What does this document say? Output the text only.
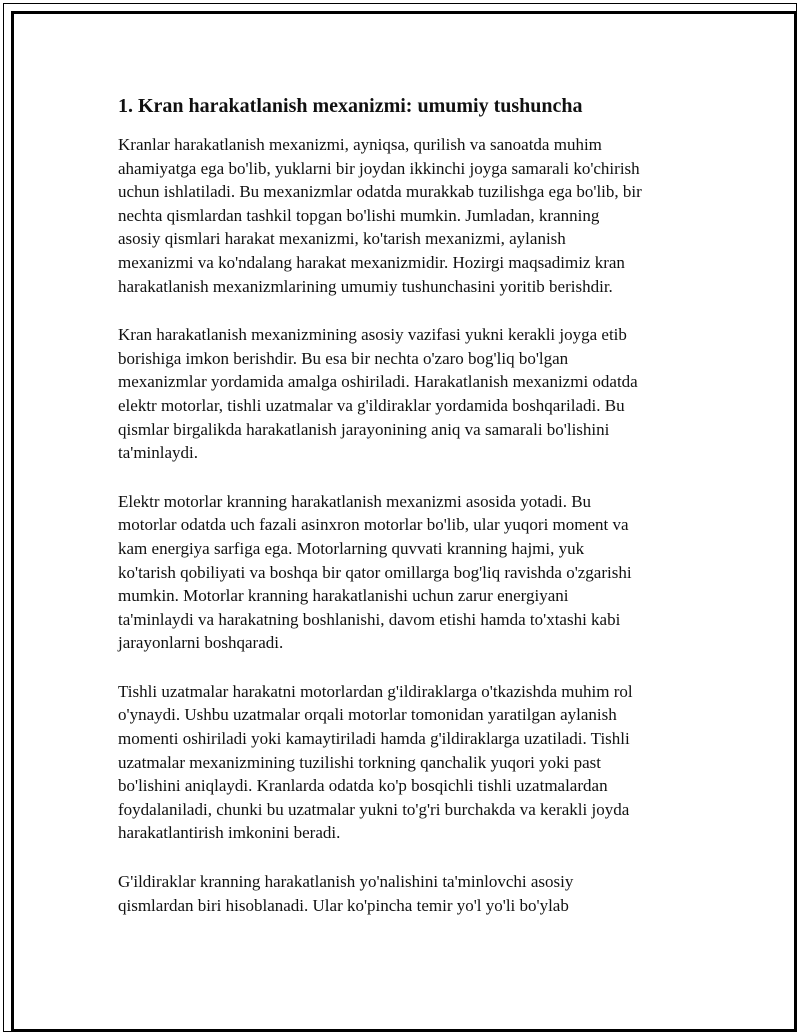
1. Kran harakatlanish mexanizmi: umumiy tushuncha

Kranlar harakatlanish mexanizmi, ayniqsa, qurilish va sanoatda muhim
ahamiyatga ega bo'lib, yuklarni bir joydan ikkinchi joyga samarali ko'chirish
uchun ishlatiladi. Bu mexanizmlar odatda murakkab tuzilishga ega bo'lib, bir
nechta qismlardan tashkil topgan bo'lishi mumkin. Jumladan, kranning
asosiy qismlari harakat mexanizmi, ko'tarish mexanizmi, aylanish
mexanizmi va ko'ndalang harakat mexanizmidir. Hozirgi maqsadimiz kran
harakatlanish mexanizmlarining umumiy tushunchasini yoritib berishdir.

Kran harakatlanish mexanizmining asosiy vazifasi yukni kerakli joyga etib
borishiga imkon berishdir. Bu esa bir nechta o'zaro bog'liq bo'lgan
mexanizmlar yordamida amalga oshiriladi. Harakatlanish mexanizmi odatda
elektr motorlar, tishli uzatmalar va g'ildiraklar yordamida boshqariladi. Bu
qismlar birgalikda harakatlanish jarayonining aniq va samarali bo'lishini
ta'minlaydi.

Elektr motorlar kranning harakatlanish mexanizmi asosida yotadi. Bu
motorlar odatda uch fazali asinxron motorlar bo'lib, ular yuqori moment va
kam energiya sarfiga ega. Motorlarning quvvati kranning hajmi, yuk
ko'tarish qobiliyati va boshqa bir qator omillarga bog'liq ravishda o'zgarishi
mumkin. Motorlar kranning harakatlanishi uchun zarur energiyani
ta'minlaydi va harakatning boshlanishi, davom etishi hamda to'xtashi kabi
jarayonlarni boshqaradi.

Tishli uzatmalar harakatni motorlardan g'ildiraklarga o'tkazishda muhim rol
o'ynaydi. Ushbu uzatmalar orqali motorlar tomonidan yaratilgan aylanish
momenti oshiriladi yoki kamaytiriladi hamda g'ildiraklarga uzatiladi. Tishli
uzatmalar mexanizmining tuzilishi torkning qanchalik yuqori yoki past
bo'lishini aniqlaydi. Kranlarda odatda ko'p bosqichli tishli uzatmalardan
foydalaniladi, chunki bu uzatmalar yukni to'g'ri burchakda va kerakli joyda
harakatlantirish imkonini beradi.

G'ildiraklar kranning harakatlanish yo'nalishini ta'minlovchi asosiy
qismlardan biri hisoblanadi. Ular ko'pincha temir yo'l yo'li bo'ylab
